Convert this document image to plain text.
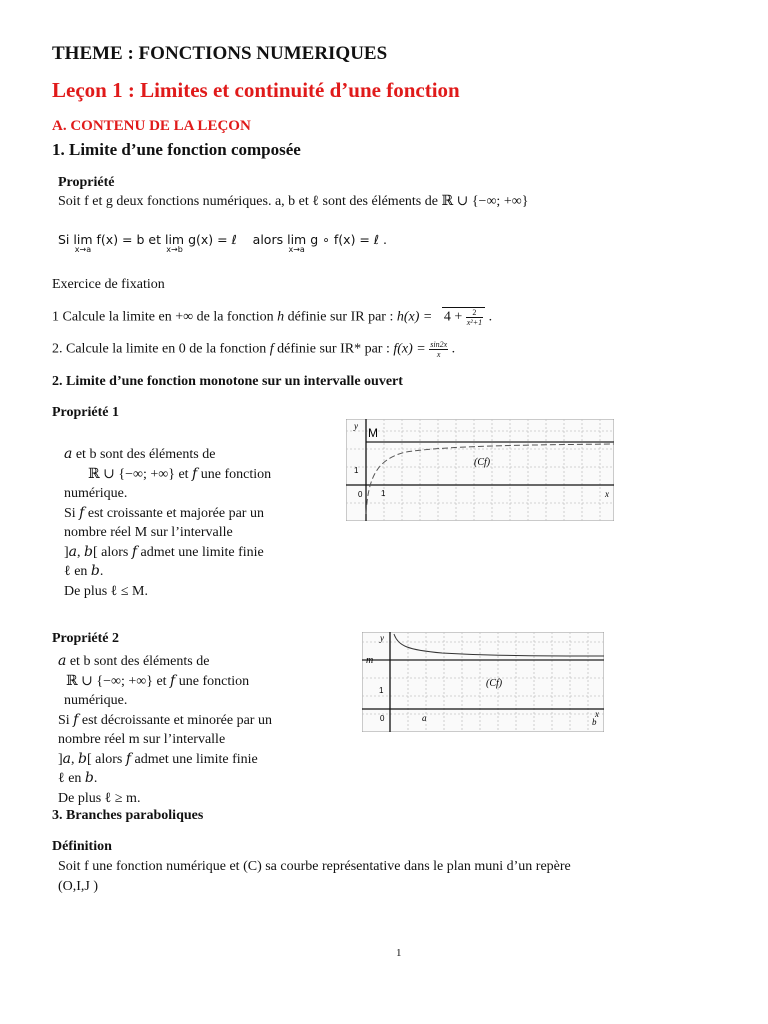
THEME : FONCTIONS NUMERIQUES
Leçon 1 : Limites et continuité d’une fonction
A. CONTENU DE LA LEÇON
1. Limite d’une fonction composée
Propriété
Soit f et g deux fonctions numériques. a, b et ℓ sont des éléments de ℝ ∪ {−∞; +∞}
Si lim
x→a
f(x) = b et lim
x→b
g(x) = ℓ alors lim
x→a
g ∘ f(x) = ℓ .
Exercice de fixation
1 Calcule la limite en +∞ de la fonction h définie sur IR par : $h(x) = 4 + \frac{2}{\text{x²+1}}$ .
2. Calcule la limite en 0 de la fonction f définie sur IR* par : $f(x) = \frac{\sin 2x}{x}$ .
2. Limite d’une fonction monotone sur un intervalle ouvert
Propriété 1
𝑎 et b sont des éléments de
ℝ ∪ {−∞; +∞} et 𝑓 une fonction
numérique.
Si 𝑓 est croissante et majorée par un
nombre réel M sur l’intervalle
]𝑎, 𝑏[ alors 𝑓 admet une limite finie
ℓ en 𝑏.
De plus ℓ ≤ M.
y M
(Cf)
1
0 1	x
Propriété 2
𝑎 et b sont des éléments de
ℝ ∪ {−∞; +∞} et 𝑓 une fonction
numérique.
Si 𝑓 est décroissante et minorée par un
nombre réel m sur l’intervalle
]𝑎, 𝑏[ alors 𝑓 admet une limite finie
ℓ en 𝑏.
De plus ℓ ≥ m.
y
m
(Cf)
1
0	a	b
x
3. Branches paraboliques
Définition
Soit f une fonction numérique et (C) sa courbe représentative dans le plan muni d’un repère
(O,I,J )
1
